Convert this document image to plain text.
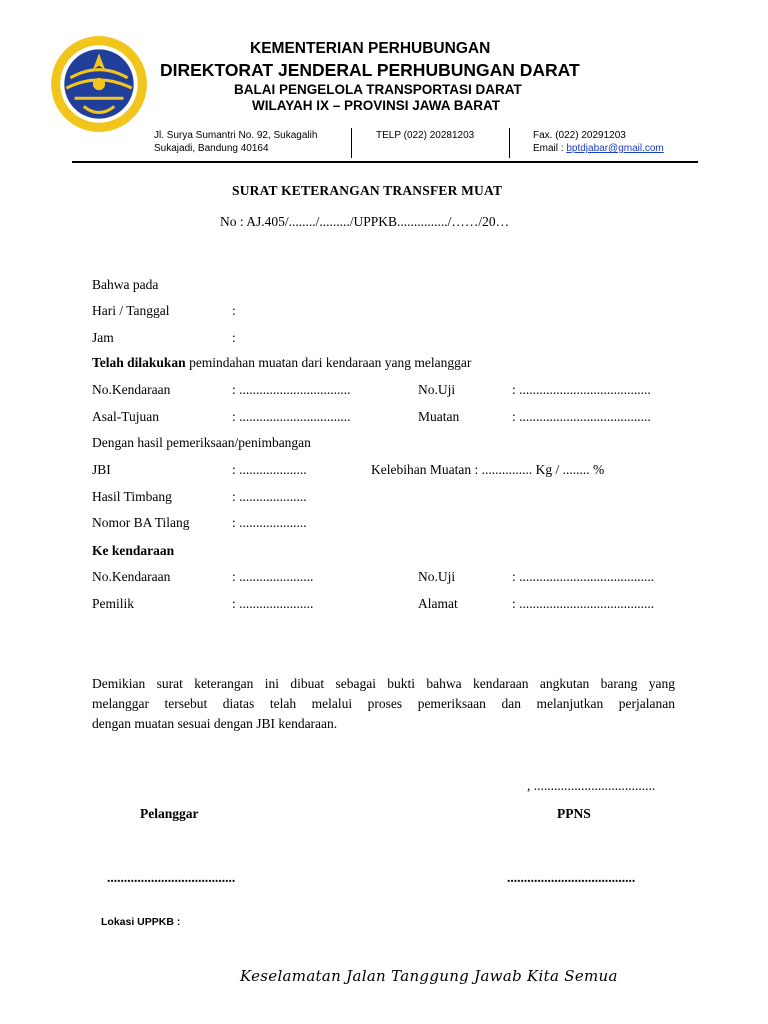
KEMENTERIAN PERHUBUNGAN
DIREKTORAT JENDERAL PERHUBUNGAN DARAT
BALAI PENGELOLA TRANSPORTASI DARAT
WILAYAH IX – PROVINSI JAWA BARAT
Jl. Surya Sumantri No. 92, Sukagalih
Sukajadi, Bandung 40164
TELP (022) 20281203	Fax. (022) 20291203
Email : bptdjabar@gmail.com
SURAT KETERANGAN TRANSFER MUAT
No : AJ.405/......../........./UPPKB.............../……/20…
Bahwa pada
Hari / Tanggal	:
Jam	:
Telah dilakukan pemindahan muatan dari kendaraan yang melanggar
No.Kendaraan	: .................................	No.Uji	: .......................................
Asal-Tujuan	: .................................	Muatan	: .......................................
Dengan hasil pemeriksaan/penimbangan
JBI	: ....................	Kelebihan Muatan : ............... Kg / ........ %
Hasil Timbang	: ....................
Nomor BA Tilang	: ....................
Ke kendaraan
No.Kendaraan	: ......................	No.Uji	: ........................................
Pemilik	: ......................	Alamat	: ........................................
Demikian surat keterangan ini dibuat sebagai bukti bahwa kendaraan angkutan barang yang
melanggar tersebut diatas telah melalui proses pemeriksaan dan melanjutkan perjalanan
dengan muatan sesuai dengan JBI kendaraan.
, ....................................
Pelanggar	PPNS
......................................	......................................
Lokasi UPPKB :
Keselamatan Jalan Tanggung Jawab Kita Semua
